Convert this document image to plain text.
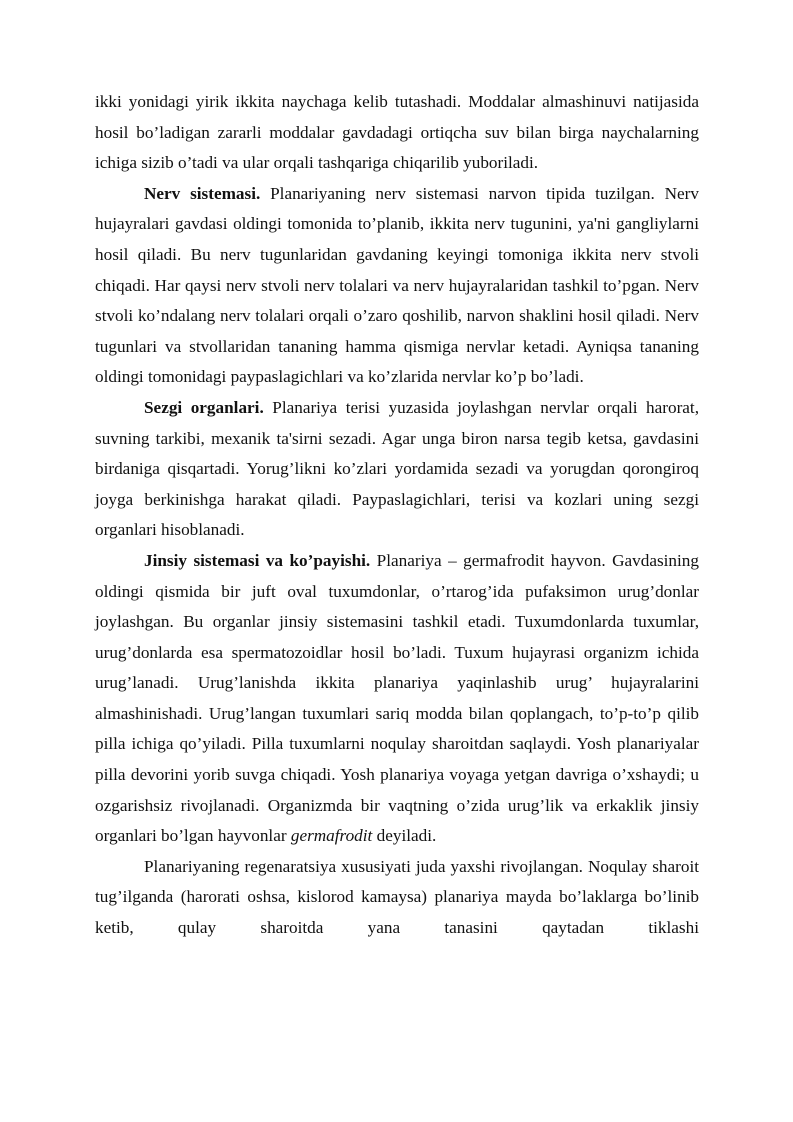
ikki yonidagi yirik ikkita naychaga kelib tutashadi. Moddalar almashinuvi natijasida hosil bo’ladigan zararli moddalar gavdadagi ortiqcha suv bilan birga naychalarning ichiga sizib o’tadi va ular orqali tashqariga chiqarilib yuboriladi.

Nerv sistemasi. Planariyaning nerv sistemasi narvon tipida tuzilgan. Nerv hujayralari gavdasi oldingi tomonida to’planib, ikkita nerv tugunini, ya'ni gangliylarni hosil qiladi. Bu nerv tugunlaridan gavdaning keyingi tomoniga ikkita nerv stvoli chiqadi. Har qaysi nerv stvoli nerv tolalari va nerv hujayralaridan tashkil to’pgan. Nerv stvoli ko’ndalang nerv tolalari orqali o’zaro qoshilib, narvon shaklini hosil qiladi. Nerv tugunlari va stvollaridan tananing hamma qismiga nervlar ketadi. Ayniqsa tananing oldingi tomonidagi paypaslagichlari va ko’zlarida nervlar ko’p bo’ladi.

Sezgi organlari. Planariya terisi yuzasida joylashgan nervlar orqali harorat, suvning tarkibi, mexanik ta'sirni sezadi. Agar unga biron narsa tegib ketsa, gavdasini birdaniga qisqartadi. Yorug’likni ko’zlari yordamida sezadi va yorugdan qorongiroq joyga berkinishga harakat qiladi. Paypaslagichlari, terisi va kozlari uning sezgi organlari hisoblanadi.

Jinsiy sistemasi va ko’payishi. Planariya – germafrodit hayvon. Gavdasining oldingi qismida bir juft oval tuxumdonlar, o’rtarog’ida pufaksimon urug’donlar joylashgan. Bu organlar jinsiy sistemasini tashkil etadi. Tuxumdonlarda tuxumlar, urug’donlarda esa spermatozoidlar hosil bo’ladi. Tuxum hujayrasi organizm ichida urug’lanadi. Urug’lanishda ikkita planariya yaqinlashib urug’ hujayralarini almashinishadi. Urug’langan tuxumlari sariq modda bilan qoplangach, to’p-to’p qilib pilla ichiga qo’yiladi. Pilla tuxumlarni noqulay sharoitdan saqlaydi. Yosh planariyalar pilla devorini yorib suvga chiqadi. Yosh planariya voyaga yetgan davriga o’xshaydi; u ozgarishsiz rivojlanadi. Organizmda bir vaqtning o’zida urug’lik va erkaklik jinsiy organlari bo’lgan hayvonlar germafrodit deyiladi.

Planariyaning regenaratsiya xususiyati juda yaxshi rivojlangan. Noqulay sharoit tug’ilganda (harorati oshsa, kislorod kamaysa) planariya mayda bo’laklarga bo’linib ketib, qulay sharoitda yana tanasini qaytadan tiklashi
